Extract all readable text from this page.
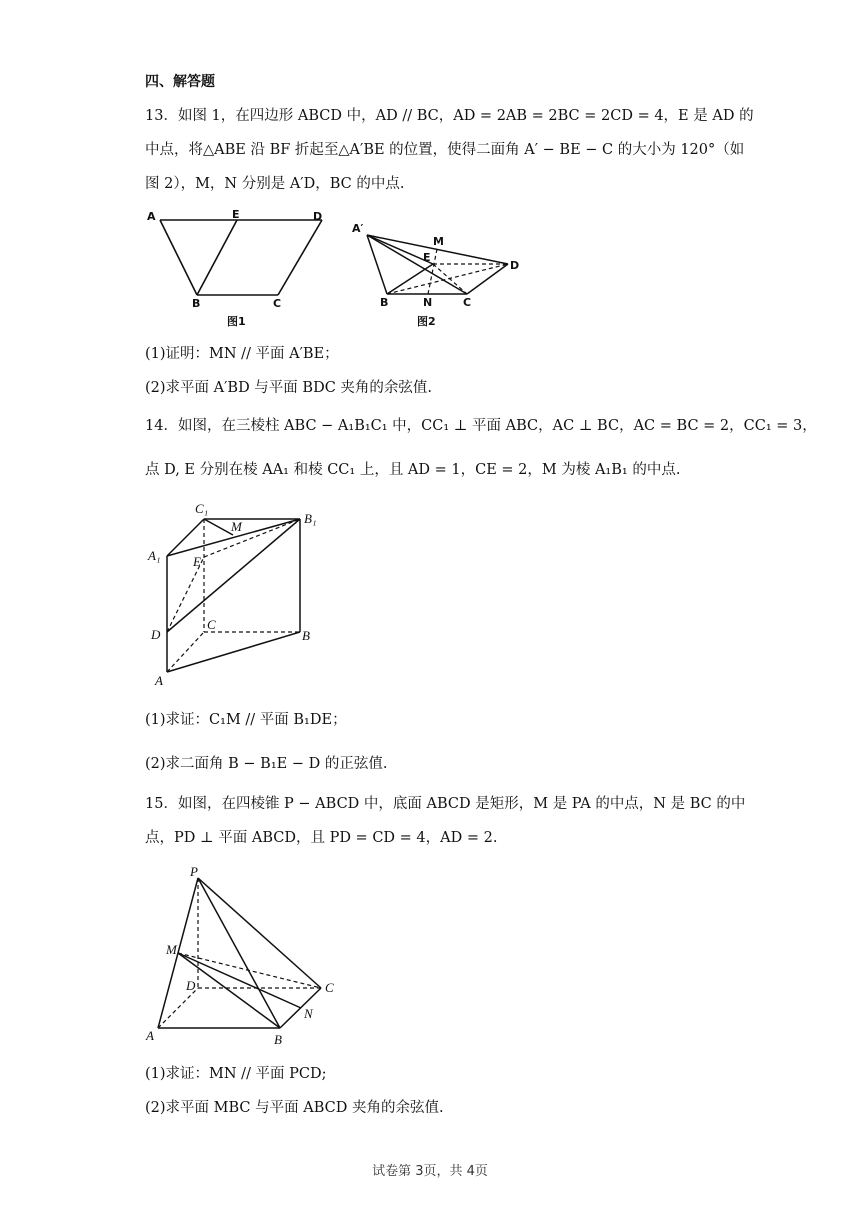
四、解答题
13．如图 1，在四边形 ABCD 中，AD // BC，AD = 2AB = 2BC = 2CD = 4，E 是 AD 的
中点，将△ABE 沿 BF 折起至△A′BE 的位置，使得二面角 A′ − BE − C 的大小为 120°（如
图 2），M，N 分别是 A′D，BC 的中点.
A	E	D
B	C
图1
A′
M
E
D
B	N	C
图2
(1)证明：MN // 平面 A′BE；
(2)求平面 A′BD 与平面 BDC 夹角的余弦值.
14．如图，在三棱柱 ABC − A₁B₁C₁ 中，CC₁ ⊥ 平面 ABC，AC ⊥ BC，AC = BC = 2，CC₁ = 3，
点 D, E 分别在棱 AA₁ 和棱 CC₁ 上，且 AD = 1，CE = 2，M 为棱 A₁B₁ 的中点.
C₁
M
B₁
A₁	E
D
C
B
A
(1)求证：C₁M // 平面 B₁DE；
(2)求二面角 B − B₁E − D 的正弦值.
15．如图，在四棱锥 P − ABCD 中，底面 ABCD 是矩形，M 是 PA 的中点，N 是 BC 的中
点，PD ⊥ 平面 ABCD，且 PD = CD = 4，AD = 2.
P
M
D	C
N
A	B
(1)求证：MN // 平面 PCD;
(2)求平面 MBC 与平面 ABCD 夹角的余弦值.
试卷第 3页，共 4页
